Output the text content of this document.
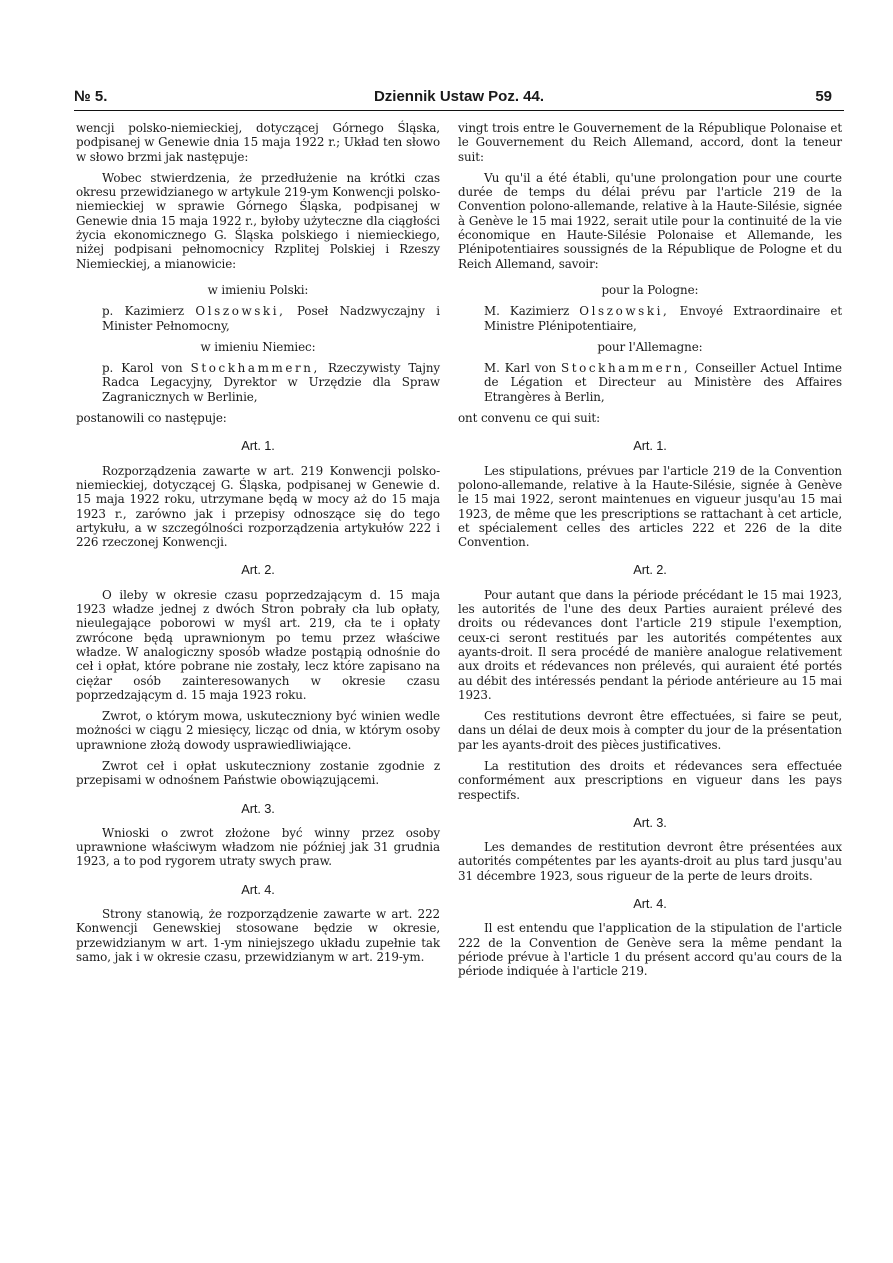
№ 5.	Dziennik Ustaw Poz. 44.	59

wencji polsko-niemieckiej, dotyczącej Górnego Śląska, podpisanej w Genewie dnia 15 maja 1922 r.; Układ ten słowo w słowo brzmi jak następuje:

Wobec stwierdzenia, że przedłużenie na krótki czas okresu przewidzianego w artykule 219-ym Konwencji polsko-niemieckiej w sprawie Górnego Śląska, podpisanej w Genewie dnia 15 maja 1922 r., byłoby użyteczne dla ciągłości życia ekonomicznego G. Śląska polskiego i niemieckiego, niżej podpisani pełnomocnicy Rzplitej Polskiej i Rzeszy Niemieckiej, a mianowicie:

w imieniu Polski:

p. Kazimierz Olszowski, Poseł Nadzwyczajny i Minister Pełnomocny,

w imieniu Niemiec:

p. Karol von Stockhammern, Rzeczywisty Tajny Radca Legacyjny, Dyrektor w Urzędzie dla Spraw Zagranicznych w Berlinie,

postanowili co następuje:

Art. 1.

Rozporządzenia zawarte w art. 219 Konwencji polsko-niemieckiej, dotyczącej G. Śląska, podpisanej w Genewie d. 15 maja 1922 roku, utrzymane będą w mocy aż do 15 maja 1923 r., zarówno jak i przepisy odnoszące się do tego artykułu, a w szczególności rozporządzenia artykułów 222 i 226 rzeczonej Konwencji.

Art. 2.

O ileby w okresie czasu poprzedzającym d. 15 maja 1923 władze jednej z dwóch Stron pobrały cła lub opłaty, nieulegające poborowi w myśl art. 219, cła te i opłaty zwrócone będą uprawnionym po temu przez właściwe władze. W analogiczny sposób władze postąpią odnośnie do ceł i opłat, które pobrane nie zostały, lecz które zapisano na ciężar osób zainteresowanych w okresie czasu poprzedzającym d. 15 maja 1923 roku.

Zwrot, o którym mowa, uskuteczniony być winien wedle możności w ciągu 2 miesięcy, licząc od dnia, w którym osoby uprawnione złożą dowody usprawiedliwiające.

Zwrot ceł i opłat uskuteczniony zostanie zgodnie z przepisami w odnośnem Państwie obowiązującemi.

Art. 3.

Wnioski o zwrot złożone być winny przez osoby uprawnione właściwym władzom nie później jak 31 grudnia 1923, a to pod rygorem utraty swych praw.

Art. 4.

Strony stanowią, że rozporządzenie zawarte w art. 222 Konwencji Genewskiej stosowane będzie w okresie, przewidzianym w art. 1-ym niniejszego układu zupełnie tak samo, jak i w okresie czasu, przewidzianym w art. 219-ym.

vingt trois entre le Gouvernement de la République Polonaise et le Gouvernement du Reich Allemand, accord, dont la teneur suit:

Vu qu'il a été établi, qu'une prolongation pour une courte durée de temps du délai prévu par l'article 219 de la Convention polono-allemande, relative à la Haute-Silésie, signée à Genève le 15 mai 1922, serait utile pour la continuité de la vie économique en Haute-Silésie Polonaise et Allemande, les Plénipotentiaires soussignés de la République de Pologne et du Reich Allemand, savoir:

pour la Pologne:

M. Kazimierz Olszowski, Envoyé Extraordinaire et Ministre Plénipotentiaire,

pour l'Allemagne:

M. Karl von Stockhammern, Conseiller Actuel Intime de Légation et Directeur au Ministère des Affaires Etrangères à Berlin,

ont convenu ce qui suit:

Art. 1.

Les stipulations, prévues par l'article 219 de la Convention polono-allemande, relative à la Haute-Silésie, signée à Genève le 15 mai 1922, seront maintenues en vigueur jusqu'au 15 mai 1923, de même que les prescriptions se rattachant à cet article, et spécialement celles des articles 222 et 226 de la dite Convention.

Art. 2.

Pour autant que dans la période précédant le 15 mai 1923, les autorités de l'une des deux Parties auraient prélevé des droits ou rédevances dont l'article 219 stipule l'exemption, ceux-ci seront restitués par les autorités compétentes aux ayants-droit. Il sera procédé de manière analogue relativement aux droits et rédevances non prélevés, qui auraient été portés au débit des intéressés pendant la période antérieure au 15 mai 1923.

Ces restitutions devront être effectuées, si faire se peut, dans un délai de deux mois à compter du jour de la présentation par les ayants-droit des pièces justificatives.

La restitution des droits et rédevances sera effectuée conformément aux prescriptions en vigueur dans les pays respectifs.

Art. 3.

Les demandes de restitution devront être présentées aux autorités compétentes par les ayants-droit au plus tard jusqu'au 31 décembre 1923, sous rigueur de la perte de leurs droits.

Art. 4.

Il est entendu que l'application de la stipulation de l'article 222 de la Convention de Genève sera la même pendant la période prévue à l'article 1 du présent accord qu'au cours de la période indiquée à l'article 219.
